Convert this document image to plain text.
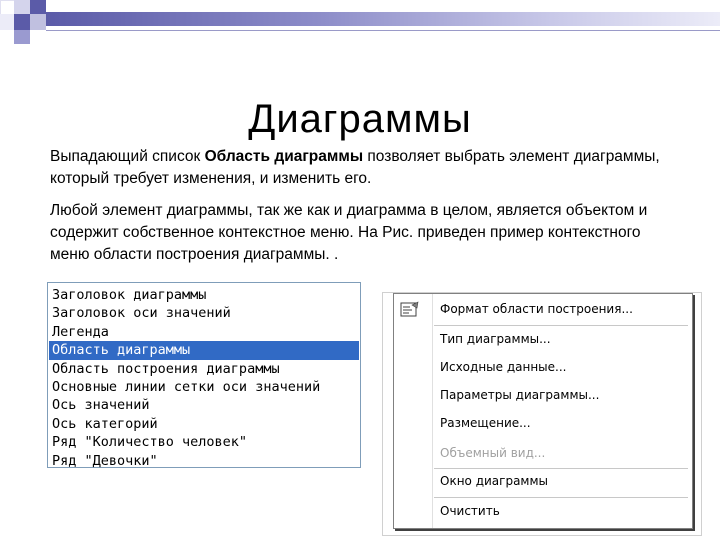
Диаграммы

Выпадающий список Область диаграммы позволяет выбрать элемент диаграммы, который требует изменения, и изменить его.

Любой элемент диаграммы, так же как и диаграмма в целом, является объектом и содержит собственное контекстное меню. На Рис. приведен пример контекстного меню области построения диаграммы. .

Заголовок диаграммы
Заголовок оси значений
Легенда
Область диаграммы
Область построения диаграммы
Основные линии сетки оси значений
Ось значений
Ось категорий
Ряд "Количество человек"
Ряд "Девочки"
Формат области построения...
Тип диаграммы...
Исходные данные...
Параметры диаграммы...
Размещение...
Объемный вид...
Окно диаграммы
Очистить
